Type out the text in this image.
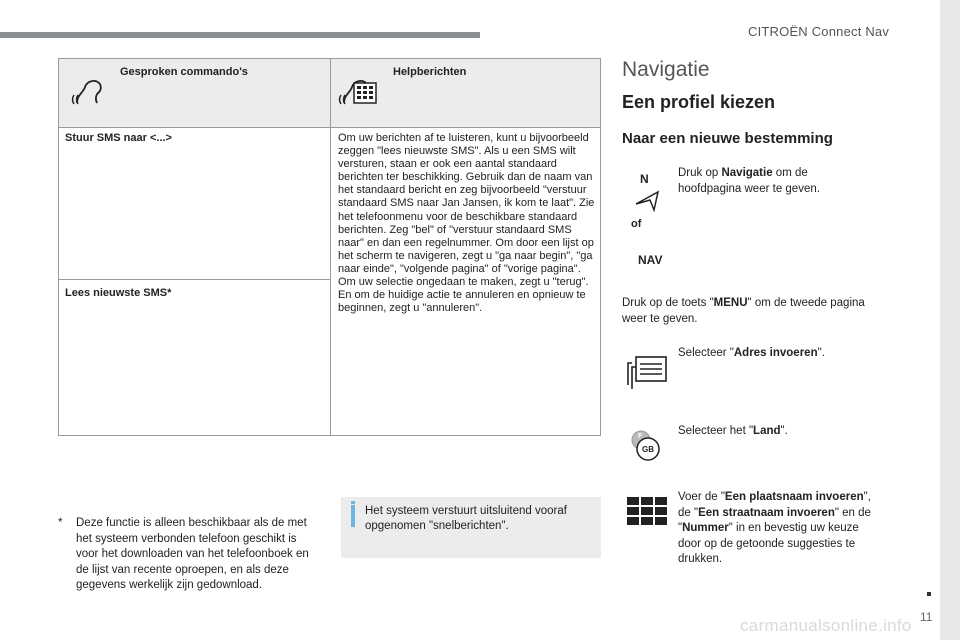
CITROËN Connect Nav
11
carmanualsonline.info
Gesproken commando's	Helpberichten
Stuur SMS naar <...>
Lees nieuwste SMS*
Om uw berichten af te luisteren, kunt u bijvoorbeeld zeggen "lees nieuwste SMS". Als u een SMS wilt versturen, staan er ook een aantal standaard berichten ter beschikking. Gebruik dan de naam van het standaard bericht en zeg bijvoorbeeld "verstuur standaard SMS naar Jan Jansen, ik kom te laat". Zie het telefoonmenu voor de beschikbare standaard berichten. Zeg "bel" of "verstuur standaard SMS naar" en dan een regelnummer. Om door een lijst op het scherm te navigeren, zegt u "ga naar begin", "ga naar einde", "volgende pagina" of "vorige pagina". Om uw selectie ongedaan te maken, zegt u "terug". En om de huidige actie te annuleren en opnieuw te beginnen, zegt u "annuleren".
*	Deze functie is alleen beschikbaar als de met het systeem verbonden telefoon geschikt is voor het downloaden van het telefoonboek en de lijst van recente oproepen, en als deze gegevens werkelijk zijn gedownload.
Het systeem verstuurt uitsluitend vooraf opgenomen "snelberichten".
Navigatie
Een profiel kiezen
Naar een nieuwe bestemming
N
of
NAV
Druk op Navigatie om de hoofdpagina weer te geven.
Druk op de toets "MENU" om de tweede pagina weer te geven.
Selecteer "Adres invoeren".
F
GB
Selecteer het "Land".
Voer de "Een plaatsnaam invoeren", de "Een straatnaam invoeren" en de "Nummer" in en bevestig uw keuze door op de getoonde suggesties te drukken.
